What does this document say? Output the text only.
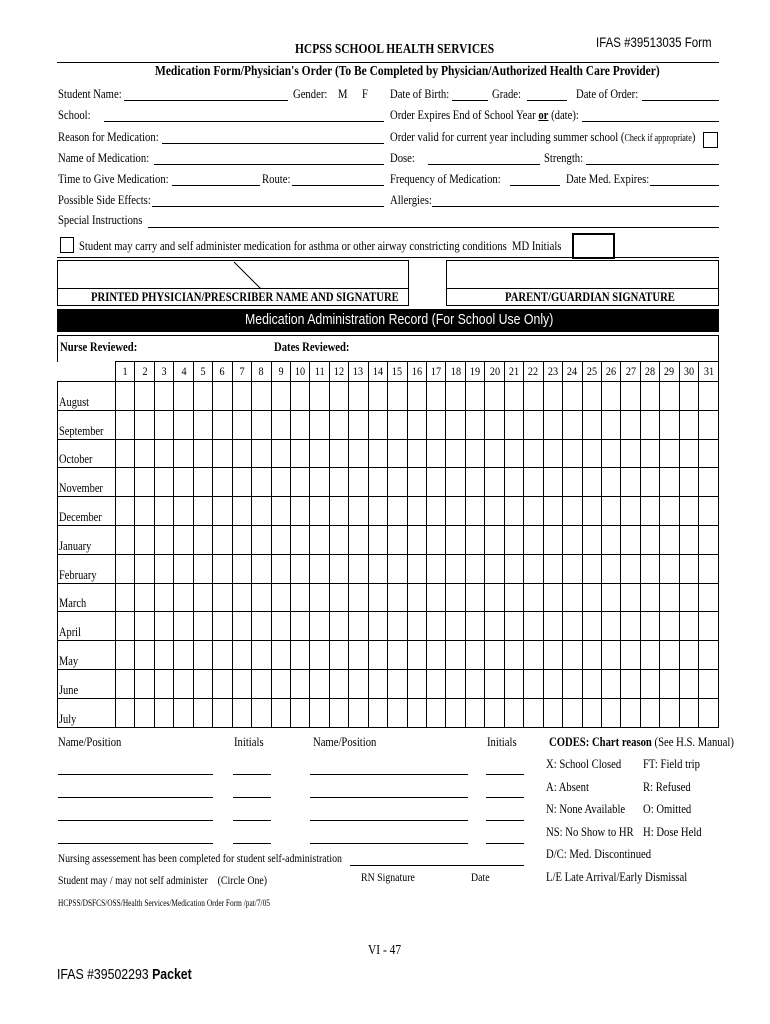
IFAS #39513035 Form
HCPSS SCHOOL HEALTH SERVICES
Medication Form/Physician's Order (To Be Completed by Physician/Authorized Health Care Provider)
Student Name:	Gender: M F Date of Birth:	Grade:	Date of Order:
School:	Order Expires End of School Year or (date):
Reason for Medication:	Order valid for current year including summer school (Check if appropriate)
Name of Medication:	Dose:	Strength:
Time to Give Medication:	Route:	Frequency of Medication:	Date Med. Expires:
Possible Side Effects:	Allergies:
Special Instructions
Student may carry and self administer medication for asthma or other airway constricting conditions MD Initials
PRINTED PHYSICIAN/PRESCRIBER NAME AND SIGNATURE	PARENT/GUARDIAN SIGNATURE
Medication Administration Record (For School Use Only)
Nurse Reviewed:	Dates Reviewed:
	1	2	3	4	5	6	7	8	9	10	11	12	13	14	15	16	17	18	19	20	21	22	23	24	25	26	27	28	29	30	31
August																															
September																															
October																															
November																															
December																															
January																															
February																															
March																															
April																															
May																															
June																															
July																															
Name/Position	Initials	Name/Position	Initials	CODES: Chart reason (See H.S. Manual)
X: School Closed	FT: Field trip
A: Absent	R: Refused
N: None Available	O: Omitted
NS: No Show to HR H: Dose Held
D/C: Med. Discontinued
L/E Late Arrival/Early Dismissal
Nursing assessement has been completed for student self-administration
Student may / may not self administer (Circle One)	RN Signature	Date
HCPSS/DSFCS/OSS/Health Services/Medication Order Form /pat/7/05
VI - 47
IFAS #39502293 Packet
